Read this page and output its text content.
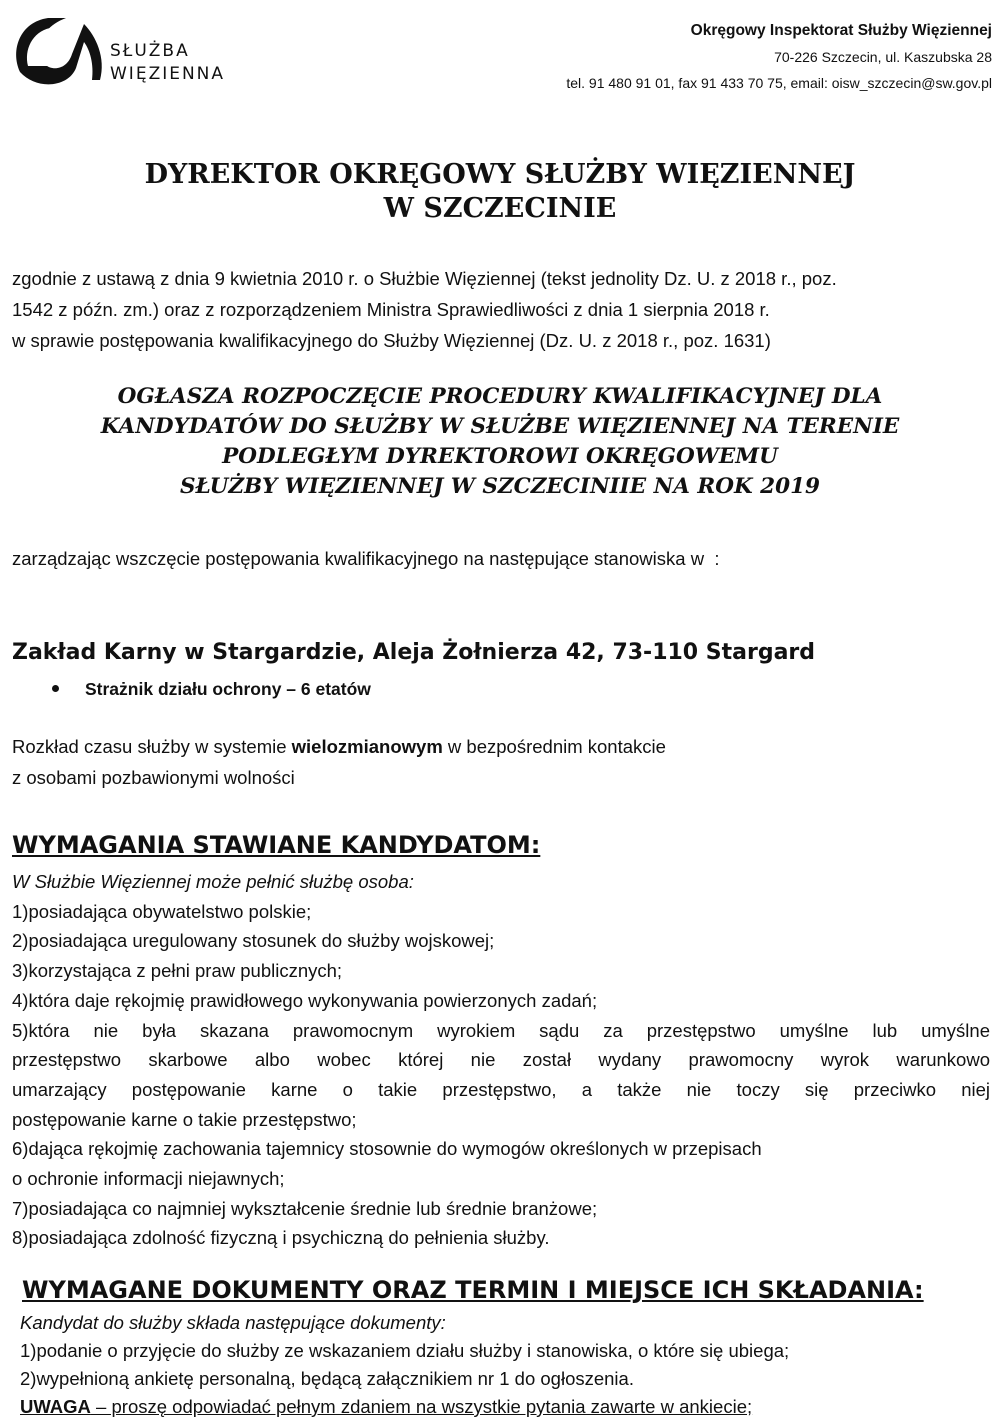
SŁUŻBA
WIĘZIENNA
Okręgowy Inspektorat Służby Więziennej
70-226 Szczecin, ul. Kaszubska 28
tel. 91 480 91 01, fax 91 433 70 75, email: oisw_szczecin@sw.gov.pl
DYREKTOR OKRĘGOWY SŁUŻBY WIĘZIENNEJ
W SZCZECINIE
zgodnie z ustawą z dnia 9 kwietnia 2010 r. o Służbie Więziennej (tekst jednolity Dz. U. z 2018 r., poz.
1542 z późn. zm.) oraz z rozporządzeniem Ministra Sprawiedliwości z dnia 1 sierpnia 2018 r.
w sprawie postępowania kwalifikacyjnego do Służby Więziennej (Dz. U. z 2018 r., poz. 1631)
OGŁASZA ROZPOCZĘCIE PROCEDURY KWALIFIKACYJNEJ DLA
KANDYDATÓW DO SŁUŻBY W SŁUŻBE WIĘZIENNEJ NA TERENIE
PODLEGŁYM DYREKTOROWI OKRĘGOWEMU
SŁUŻBY WIĘZIENNEJ W SZCZECINIIE NA ROK 2019
zarządzając wszczęcie postępowania kwalifikacyjnego na następujące stanowiska w  :
Zakład Karny w Stargardzie, Aleja Żołnierza 42, 73-110 Stargard
Strażnik działu ochrony – 6 etatów
Rozkład czasu służby w systemie wielozmianowym w bezpośrednim kontakcie
z osobami pozbawionymi wolności
WYMAGANIA STAWIANE KANDYDATOM:
W Służbie Więziennej może pełnić służbę osoba:
1)posiadająca obywatelstwo polskie;
2)posiadająca uregulowany stosunek do służby wojskowej;
3)korzystająca z pełni praw publicznych;
4)która daje rękojmię prawidłowego wykonywania powierzonych zadań;
5)która nie była skazana prawomocnym wyrokiem sądu za przestępstwo umyślne lub umyślne
przestępstwo skarbowe albo wobec której nie został wydany prawomocny wyrok warunkowo
umarzający postępowanie karne o takie przestępstwo, a także nie toczy się przeciwko niej
postępowanie karne o takie przestępstwo;
6)dająca rękojmię zachowania tajemnicy stosownie do wymogów określonych w przepisach
o ochronie informacji niejawnych;
7)posiadająca co najmniej wykształcenie średnie lub średnie branżowe;
8)posiadająca zdolność fizyczną i psychiczną do pełnienia służby.
WYMAGANE DOKUMENTY ORAZ TERMIN I MIEJSCE ICH SKŁADANIA:
Kandydat do służby składa następujące dokumenty:
1)podanie o przyjęcie do służby ze wskazaniem działu służby i stanowiska, o które się ubiega;
2)wypełnioną ankietę personalną, będącą załącznikiem nr 1 do ogłoszenia.
UWAGA – proszę odpowiadać pełnym zdaniem na wszystkie pytania zawarte w ankiecie;
